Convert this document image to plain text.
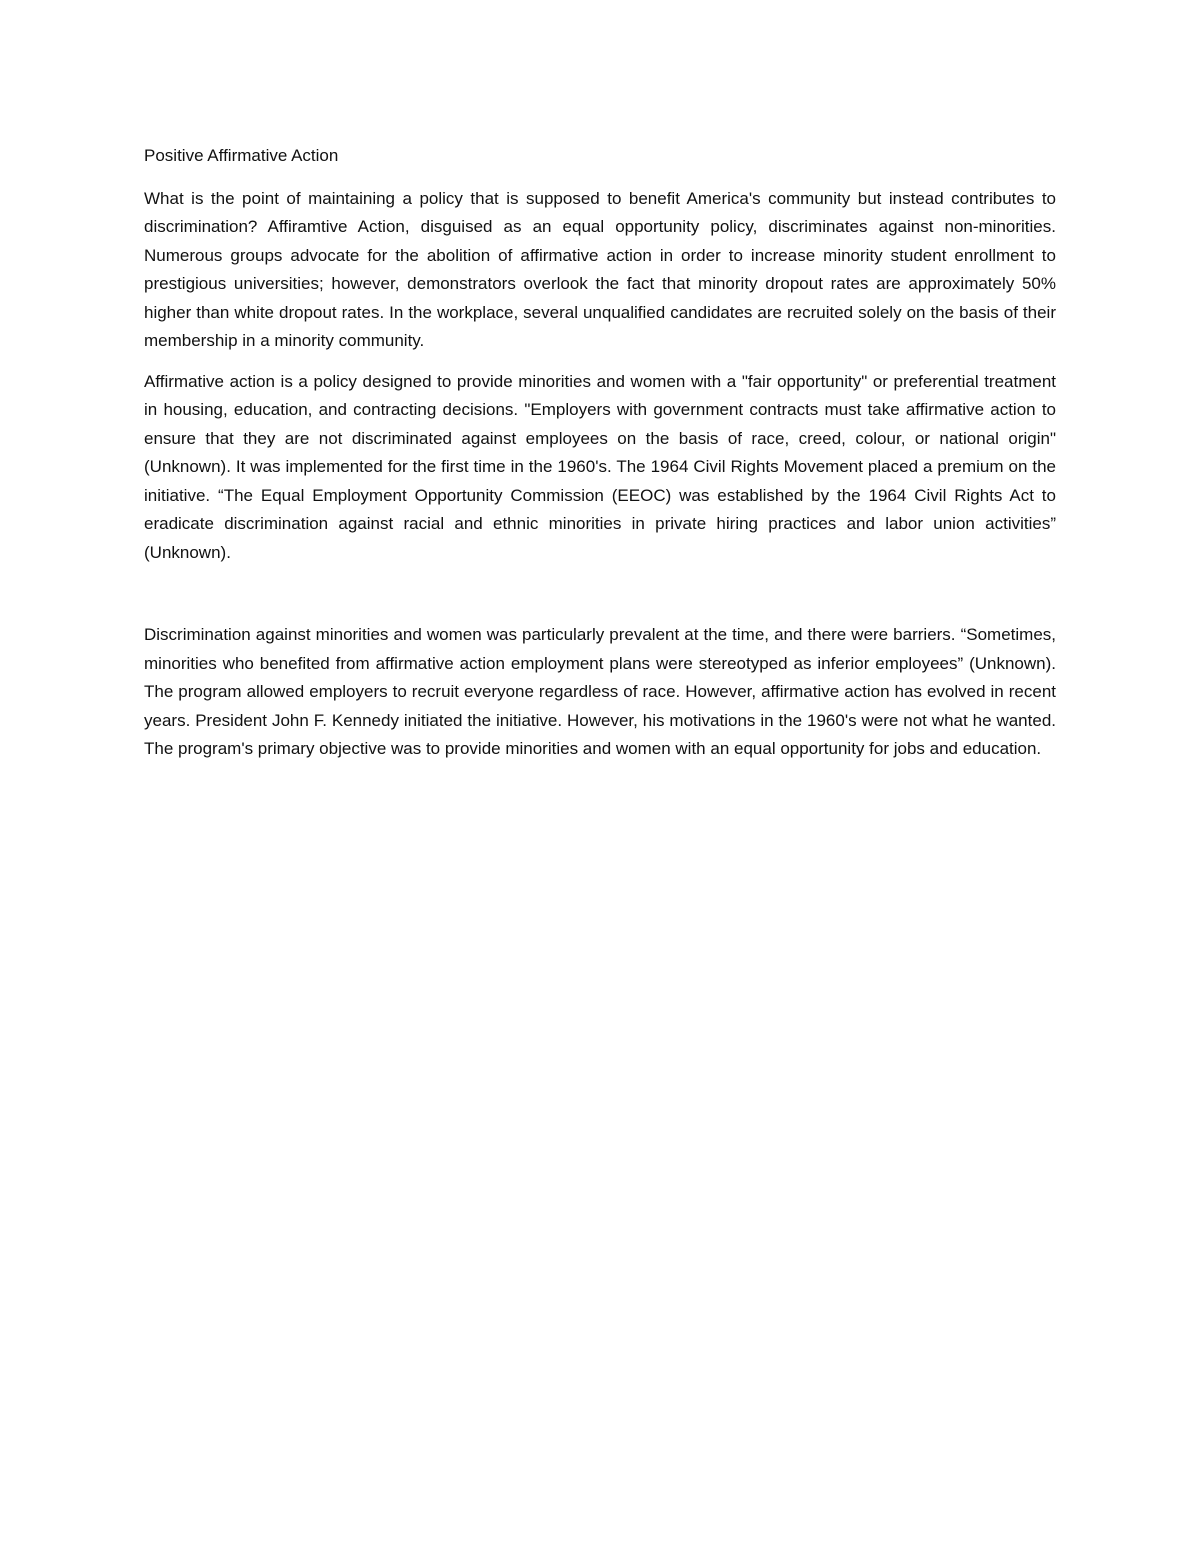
Positive Affirmative Action

What is the point of maintaining a policy that is supposed to benefit America's community but instead contributes to discrimination? Affiramtive Action, disguised as an equal opportunity policy, discriminates against non-minorities. Numerous groups advocate for the abolition of affirmative action in order to increase minority student enrollment to prestigious universities; however, demonstrators overlook the fact that minority dropout rates are approximately 50% higher than white dropout rates. In the workplace, several unqualified candidates are recruited solely on the basis of their membership in a minority community.

Affirmative action is a policy designed to provide minorities and women with a "fair opportunity" or preferential treatment in housing, education, and contracting decisions. "Employers with government contracts must take affirmative action to ensure that they are not discriminated against employees on the basis of race, creed, colour, or national origin" (Unknown). It was implemented for the first time in the 1960's. The 1964 Civil Rights Movement placed a premium on the initiative. “The Equal Employment Opportunity Commission (EEOC) was established by the 1964 Civil Rights Act to eradicate discrimination against racial and ethnic minorities in private hiring practices and labor union activities” (Unknown).

Discrimination against minorities and women was particularly prevalent at the time, and there were barriers. “Sometimes, minorities who benefited from affirmative action employment plans were stereotyped as inferior employees” (Unknown). The program allowed employers to recruit everyone regardless of race. However, affirmative action has evolved in recent years. President John F. Kennedy initiated the initiative. However, his motivations in the 1960's were not what he wanted. The program's primary objective was to provide minorities and women with an equal opportunity for jobs and education.
